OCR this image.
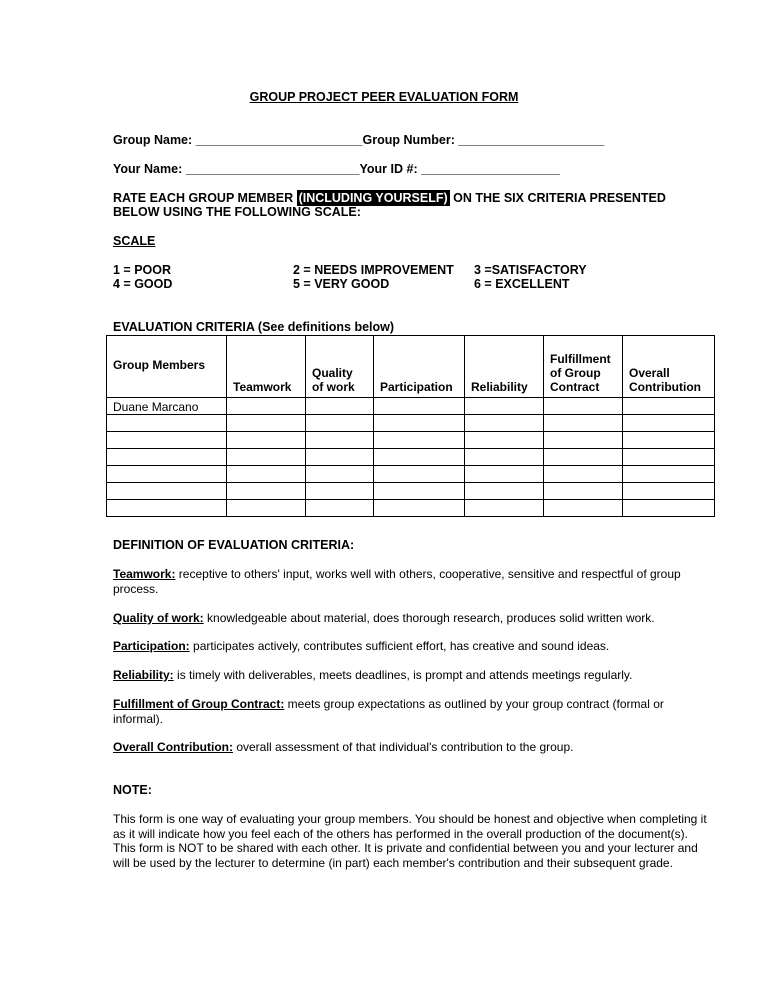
GROUP PROJECT PEER EVALUATION FORM
Group Name: ________________________Group Number: _____________________
Your Name: _________________________Your ID #: ____________________
RATE EACH GROUP MEMBER (INCLUDING YOURSELF) ON THE SIX CRITERIA PRESENTED BELOW USING THE FOLLOWING SCALE:
SCALE
1 = POOR	2 = NEEDS IMPROVEMENT 3 =SATISFACTORY
4 = GOOD	5 = VERY GOOD	6 = EXCELLENT
EVALUATION CRITERIA (See definitions below)
Group Members	Teamwork	Quality of work	Participation	Reliability	Fulfillment of Group Contract	Overall Contribution
Duane Marcano						

DEFINITION OF EVALUATION CRITERIA:
Teamwork: receptive to others' input, works well with others, cooperative, sensitive and respectful of group process.
Quality of work: knowledgeable about material, does thorough research, produces solid written work.
Participation: participates actively, contributes sufficient effort, has creative and sound ideas.
Reliability: is timely with deliverables, meets deadlines, is prompt and attends meetings regularly.
Fulfillment of Group Contract: meets group expectations as outlined by your group contract (formal or informal).
Overall Contribution: overall assessment of that individual's contribution to the group.
NOTE:
This form is one way of evaluating your group members. You should be honest and objective when completing it as it will indicate how you feel each of the others has performed in the overall production of the document(s). This form is NOT to be shared with each other. It is private and confidential between you and your lecturer and will be used by the lecturer to determine (in part) each member's contribution and their subsequent grade.
